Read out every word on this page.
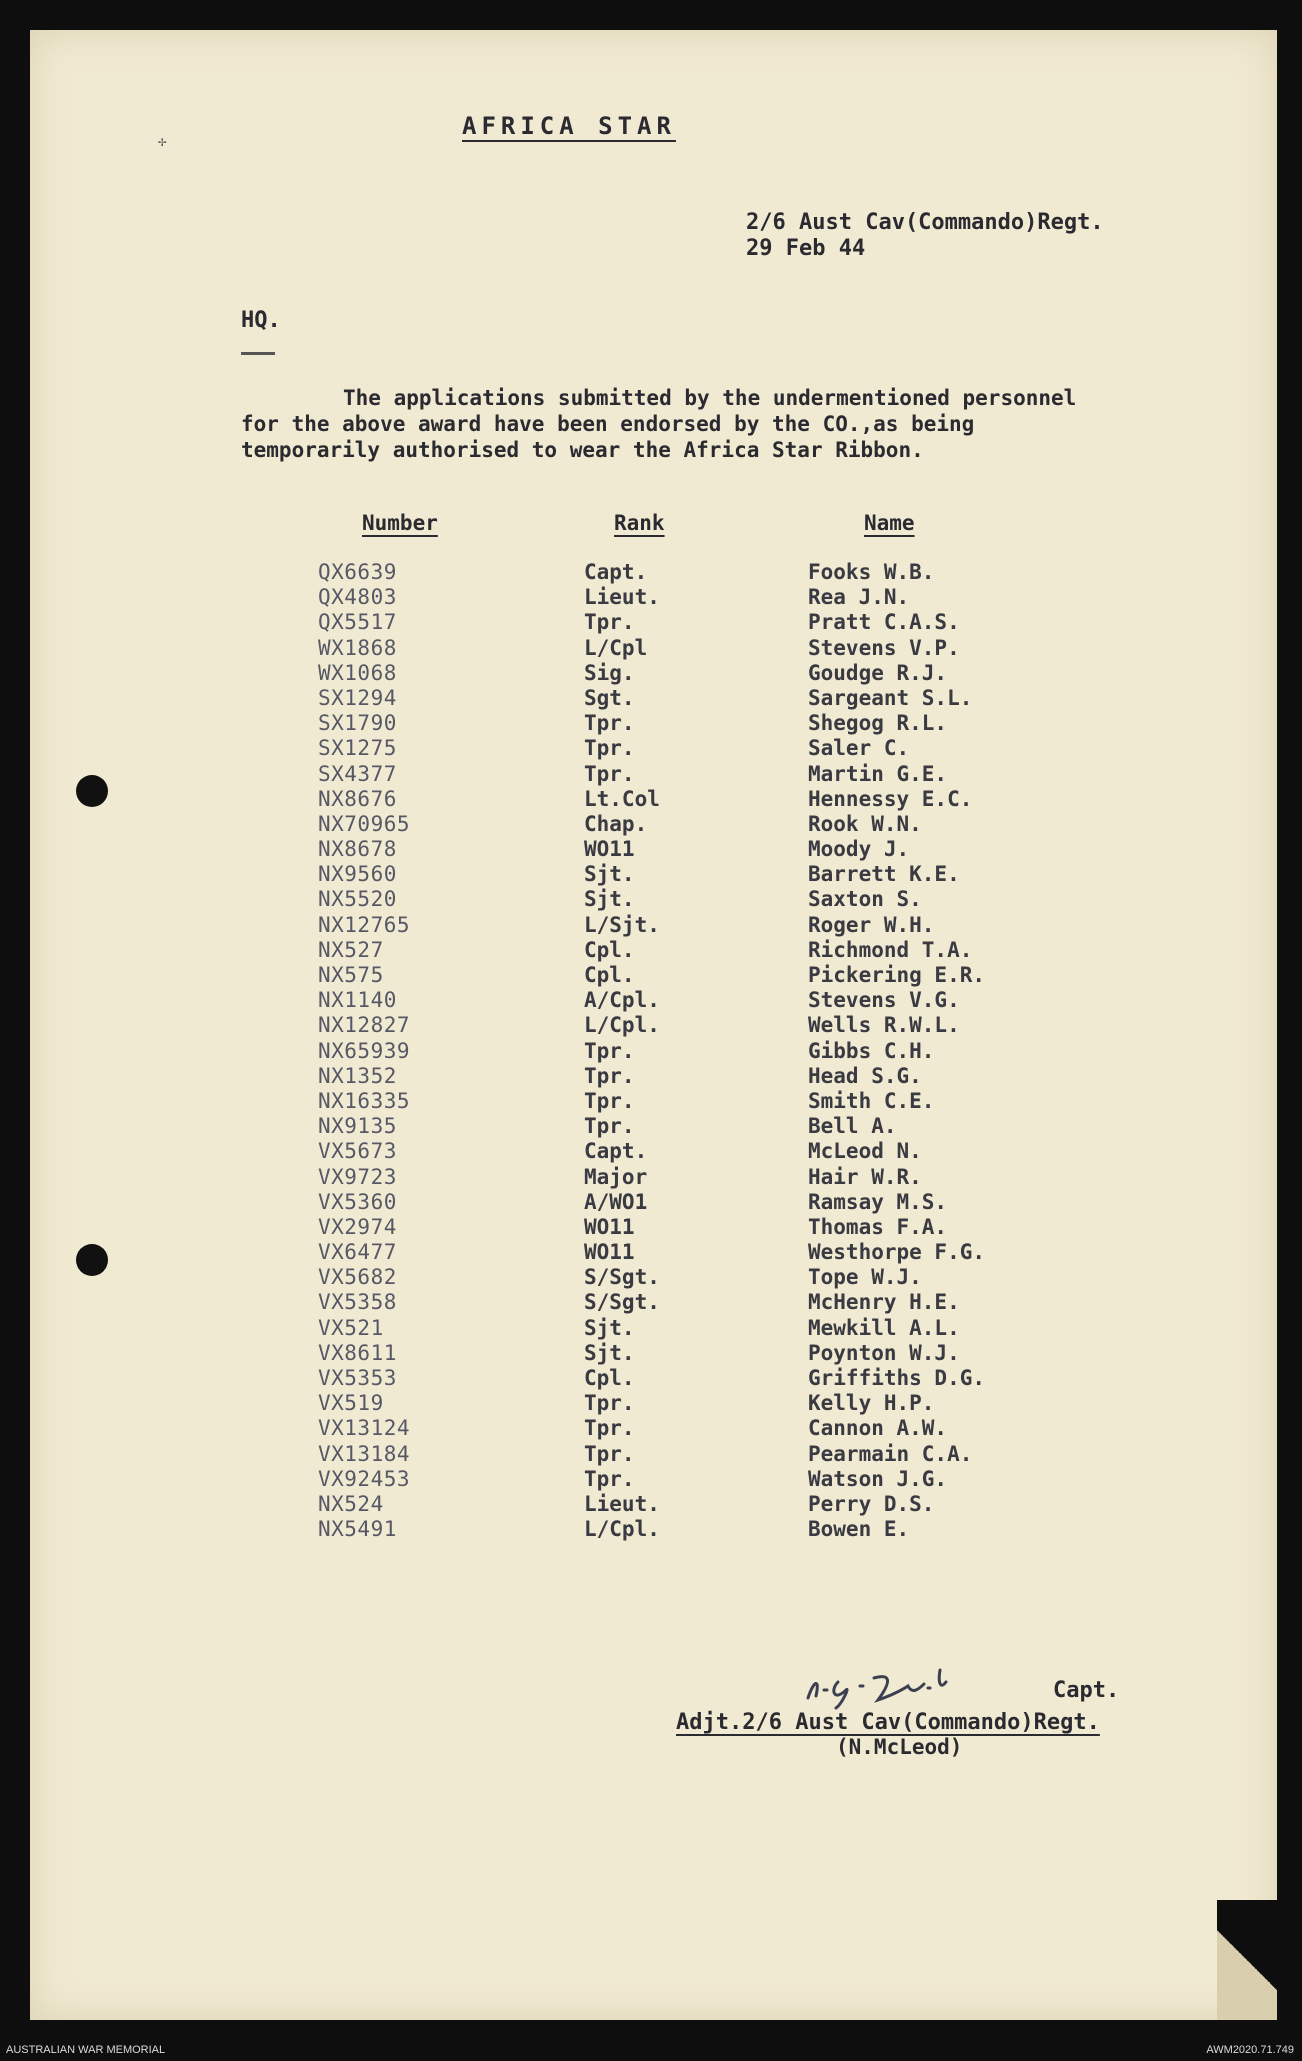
✢
AFRICA STAR
2/6 Aust Cav(Commando)Regt.
29 Feb 44
HQ.
The applications submitted by the undermentioned personnel
for the above award have been endorsed by the CO.,as being
temporarily authorised to wear the Africa Star Ribbon.
Number	Rank	Name
QX6639	Capt.	Fooks W.B.
QX4803	Lieut.	Rea J.N.
QX5517	Tpr.	Pratt C.A.S.
WX1868	L/Cpl	Stevens V.P.
WX1068	Sig.	Goudge R.J.
SX1294	Sgt.	Sargeant S.L.
SX1790	Tpr.	Shegog R.L.
SX1275	Tpr.	Saler C.
SX4377	Tpr.	Martin G.E.
NX8676	Lt.Col	Hennessy E.C.
NX70965	Chap.	Rook W.N.
NX8678	WO11	Moody J.
NX9560	Sjt.	Barrett K.E.
NX5520	Sjt.	Saxton S.
NX12765	L/Sjt.	Roger W.H.
NX527	Cpl.	Richmond T.A.
NX575	Cpl.	Pickering E.R.
NX1140	A/Cpl.	Stevens V.G.
NX12827	L/Cpl.	Wells R.W.L.
NX65939	Tpr.	Gibbs C.H.
NX1352	Tpr.	Head S.G.
NX16335	Tpr.	Smith C.E.
NX9135	Tpr.	Bell A.
VX5673	Capt.	McLeod N.
VX9723	Major	Hair W.R.
VX5360	A/WO1	Ramsay M.S.
VX2974	WO11	Thomas F.A.
VX6477	WO11	Westhorpe F.G.
VX5682	S/Sgt.	Tope W.J.
VX5358	S/Sgt.	McHenry H.E.
VX521	Sjt.	Mewkill A.L.
VX8611	Sjt.	Poynton W.J.
VX5353	Cpl.	Griffiths D.G.
VX519	Tpr.	Kelly H.P.
VX13124	Tpr.	Cannon A.W.
VX13184	Tpr.	Pearmain C.A.
VX92453	Tpr.	Watson J.G.
NX524	Lieut.	Perry D.S.
NX5491	L/Cpl.	Bowen E.
Capt.
Adjt.2/6 Aust Cav(Commando)Regt.
(N.McLeod)
AUSTRALIAN WAR MEMORIAL	AWM2020.71.749
